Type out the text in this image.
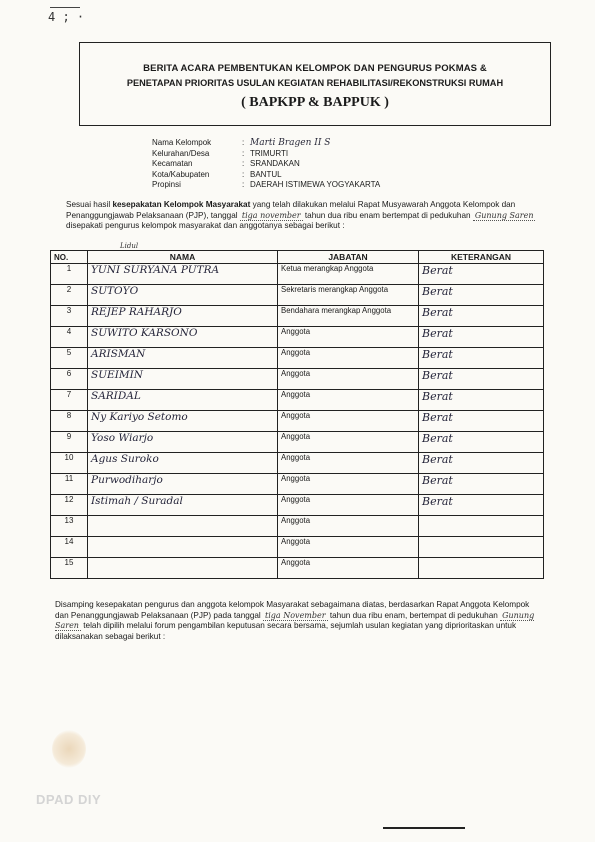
4 ; ·
BERITA ACARA PEMBENTUKAN KELOMPOK DAN PENGURUS POKMAS &
PENETAPAN PRIORITAS USULAN KEGIATAN REHABILITASI/REKONSTRUKSI RUMAH
( BAPKPP & BAPPUK )
Nama Kelompok	: Marti Bragen II S
Kelurahan/Desa	: TRIMURTI
Kecamatan	: SRANDAKAN
Kota/Kabupaten	: BANTUL
Propinsi	: DAERAH ISTIMEWA YOGYAKARTA
Sesuai hasil kesepakatan Kelompok Masyarakat yang telah dilakukan melalui Rapat Musyawarah Anggota Kelompok dan Penanggungjawab Pelaksanaan (PJP), tanggal tiga november tahun dua ribu enam bertempat di pedukuhan Gunung Saren disepakati pengurus kelompok masyarakat dan anggotanya sebagai berikut :
Lidul
NO.	NAMA	JABATAN	KETERANGAN
1	YUNI SURYANA PUTRA	Ketua merangkap Anggota	Berat
2	SUTOYO	Sekretaris merangkap Anggota	Berat
3	REJEP RAHARJO	Bendahara merangkap Anggota	Berat
4	SUWITO KARSONO	Anggota	Berat
5	ARISMAN	Anggota	Berat
6	SUEIMIN	Anggota	Berat
7	SARIDAL	Anggota	Berat
8	Ny Kariyo Setomo	Anggota	Berat
9	Yoso Wiarjo	Anggota	Berat
10	Agus Suroko	Anggota	Berat
11	Purwodiharjo	Anggota	Berat
12	Istimah / Suradal	Anggota	Berat
13		Anggota	
14		Anggota	
15		Anggota	
Disamping kesepakatan pengurus dan anggota kelompok Masyarakat sebagaimana diatas, berdasarkan Rapat Anggota Kelompok dan Penanggungjawab Pelaksanaan (PJP) pada tanggal tiga November tahun dua ribu enam, bertempat di pedukuhan Gunung Saren telah dipilih melalui forum pengambilan keputusan secara bersama, sejumlah usulan kegiatan yang diprioritaskan untuk dilaksanakan sebagai berikut :
DPAD DIY
